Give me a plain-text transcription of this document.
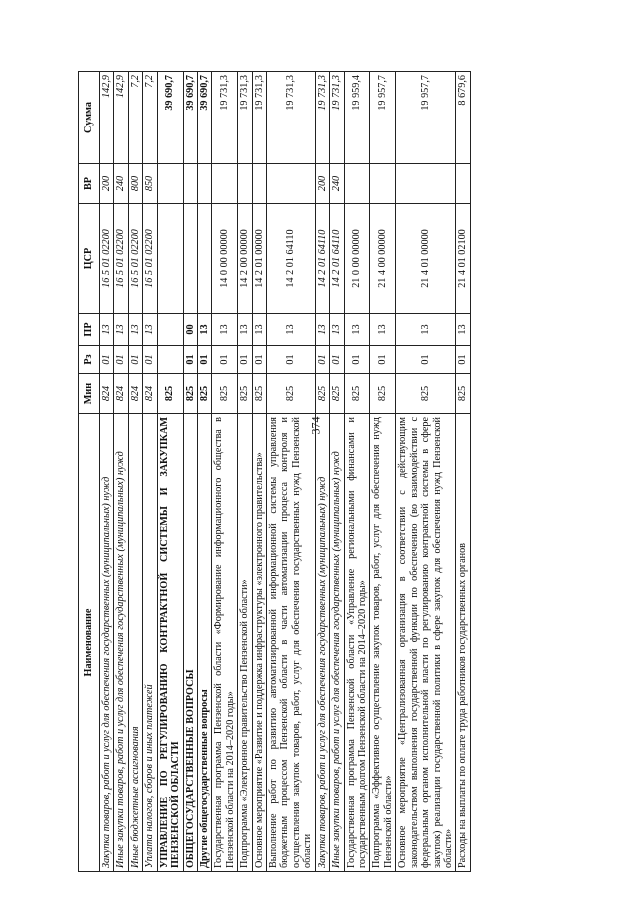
374
Наименование	Мин	Рз	ПР	ЦСР	ВР	Сумма
Закупка товаров, работ и услуг для обеспечения государственных (муниципальных) нужд	824	01	13	16 5 01 02200	200	142,9
Иные закупки товаров, работ и услуг для обеспечения государственных (муниципальных) нужд	824	01	13	16 5 01 02200	240	142,9
Иные бюджетные ассигнования	824	01	13	16 5 01 02200	800	7,2
Уплата налогов, сборов и иных платежей	824	01	13	16 5 01 02200	850	7,2
УПРАВЛЕНИЕ ПО РЕГУЛИРОВАНИЮ КОНТРАКТНОЙ СИСТЕМЫ И ЗАКУПКАМ ПЕНЗЕНСКОЙ ОБЛАСТИ	825					39 690,7
ОБЩЕГОСУДАРСТВЕННЫЕ ВОПРОСЫ	825	01	00			39 690,7
Другие общегосударственные вопросы	825	01	13			39 690,7
Государственная программа Пензенской области «Формирование информационного общества в Пензенской области на 2014–2020 годы»	825	01	13	14 0 00 00000		19 731,3
Подпрограмма «Электронное правительство Пензенской области»	825	01	13	14 2 00 00000		19 731,3
Основное мероприятие «Развитие и поддержка инфраструктуры «электронного правительства»	825	01	13	14 2 01 00000		19 731,3
Выполнение работ по развитию автоматизированной информационной системы управления бюджетным процессом Пензенской области в части автоматизации процесса контроля и осуществления закупок товаров, работ, услуг для обеспечения государственных нужд Пензенской области	825	01	13	14 2 01 64110		19 731,3
Закупка товаров, работ и услуг для обеспечения государственных (муниципальных) нужд	825	01	13	14 2 01 64110	200	19 731,3
Иные закупки товаров, работ и услуг для обеспечения государственных (муниципальных) нужд	825	01	13	14 2 01 64110	240	19 731,3
Государственная программа Пензенской области «Управление региональными финансами и государственным долгом Пензенской области на 2014–2020 годы»	825	01	13	21 0 00 00000		19 959,4
Подпрограмма «Эффективное осуществление закупок товаров, работ, услуг для обеспечения нужд Пензенской области»	825	01	13	21 4 00 00000		19 957,7
Основное мероприятие «Централизованная организация в соответствии с действующим законодательством выполнения государственной функции по обеспечению (во взаимодействии с федеральным органом исполнительной власти по регулированию контрактной системы в сфере закупок) реализации государственной политики в сфере закупок для обеспечения нужд Пензенской области»	825	01	13	21 4 01 00000		19 957,7
Расходы на выплаты по оплате труда работников государственных органов	825	01	13	21 4 01 02100		8 679,6
